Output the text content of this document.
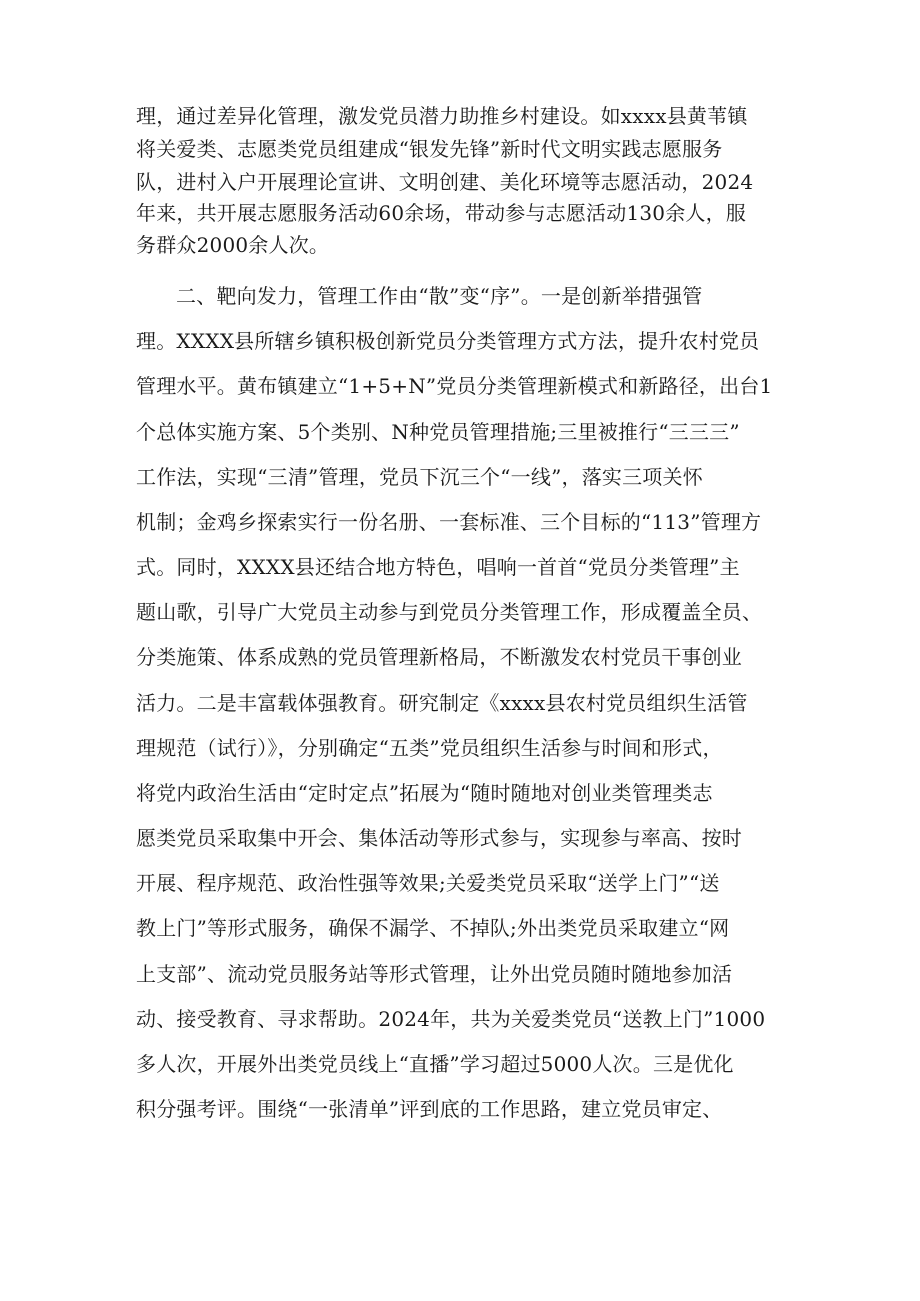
理，通过差异化管理，激发党员潜力助推乡村建设。如xxxx县黄苇镇
将关爱类、志愿类党员组建成“银发先锋”新时代文明实践志愿服务
队，进村入户开展理论宣讲、文明创建、美化环境等志愿活动，2024
年来，共开展志愿服务活动60余场，带动参与志愿活动130余人，服
务群众2000余人次。
二、靶向发力，管理工作由“散”变“序”。一是创新举措强管
理。XXXX县所辖乡镇积极创新党员分类管理方式方法，提升农村党员
管理水平。黄布镇建立“1+5+N”党员分类管理新模式和新路径，出台1
个总体实施方案、5个类别、N种党员管理措施;三里被推行“三三三”
工作法，实现“三清”管理，党员下沉三个“一线”，落实三项关怀
机制；金鸡乡探索实行一份名册、一套标准、三个目标的“113”管理方
式。同时，XXXX县还结合地方特色，唱响一首首“党员分类管理”主
题山歌，引导广大党员主动参与到党员分类管理工作，形成覆盖全员、
分类施策、体系成熟的党员管理新格局，不断激发农村党员干事创业
活力。二是丰富载体强教育。研究制定《xxxx县农村党员组织生活管
理规范（试行）》，分别确定“五类”党员组织生活参与时间和形式，
将党内政治生活由“定时定点”拓展为“随时随地对创业类管理类志
愿类党员采取集中开会、集体活动等形式参与，实现参与率高、按时
开展、程序规范、政治性强等效果;关爱类党员采取“送学上门”“送
教上门”等形式服务，确保不漏学、不掉队;外出类党员采取建立“网
上支部”、流动党员服务站等形式管理，让外出党员随时随地参加活
动、接受教育、寻求帮助。2024年，共为关爱类党员“送教上门”1000
多人次，开展外出类党员线上“直播”学习超过5000人次。三是优化
积分强考评。围绕“一张清单”评到底的工作思路，建立党员审定、
